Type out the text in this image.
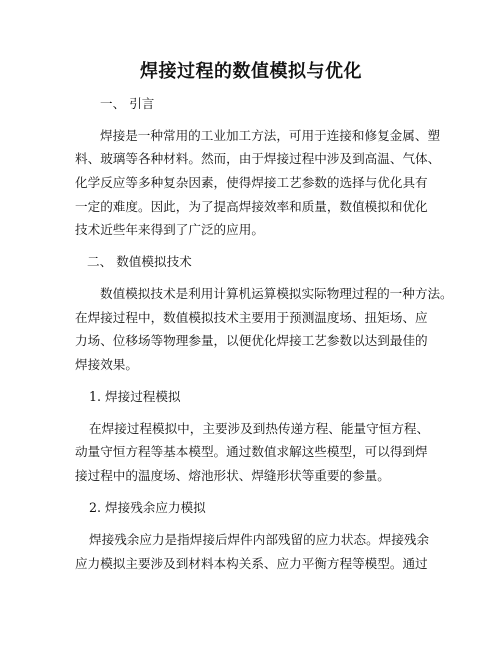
焊接过程的数值模拟与优化
一、 引言
焊接是一种常用的工业加工方法，可用于连接和修复金属、塑
料、玻璃等各种材料。然而，由于焊接过程中涉及到高温、气体、
化学反应等多种复杂因素，使得焊接工艺参数的选择与优化具有
一定的难度。因此，为了提高焊接效率和质量，数值模拟和优化
技术近些年来得到了广泛的应用。
二、 数值模拟技术
数值模拟技术是利用计算机运算模拟实际物理过程的一种方法。
在焊接过程中，数值模拟技术主要用于预测温度场、扭矩场、应
力场、位移场等物理参量，以便优化焊接工艺参数以达到最佳的
焊接效果。
1. 焊接过程模拟
在焊接过程模拟中，主要涉及到热传递方程、能量守恒方程、
动量守恒方程等基本模型。通过数值求解这些模型，可以得到焊
接过程中的温度场、熔池形状、焊缝形状等重要的参量。
2. 焊接残余应力模拟
焊接残余应力是指焊接后焊件内部残留的应力状态。焊接残余
应力模拟主要涉及到材料本构关系、应力平衡方程等模型。通过
